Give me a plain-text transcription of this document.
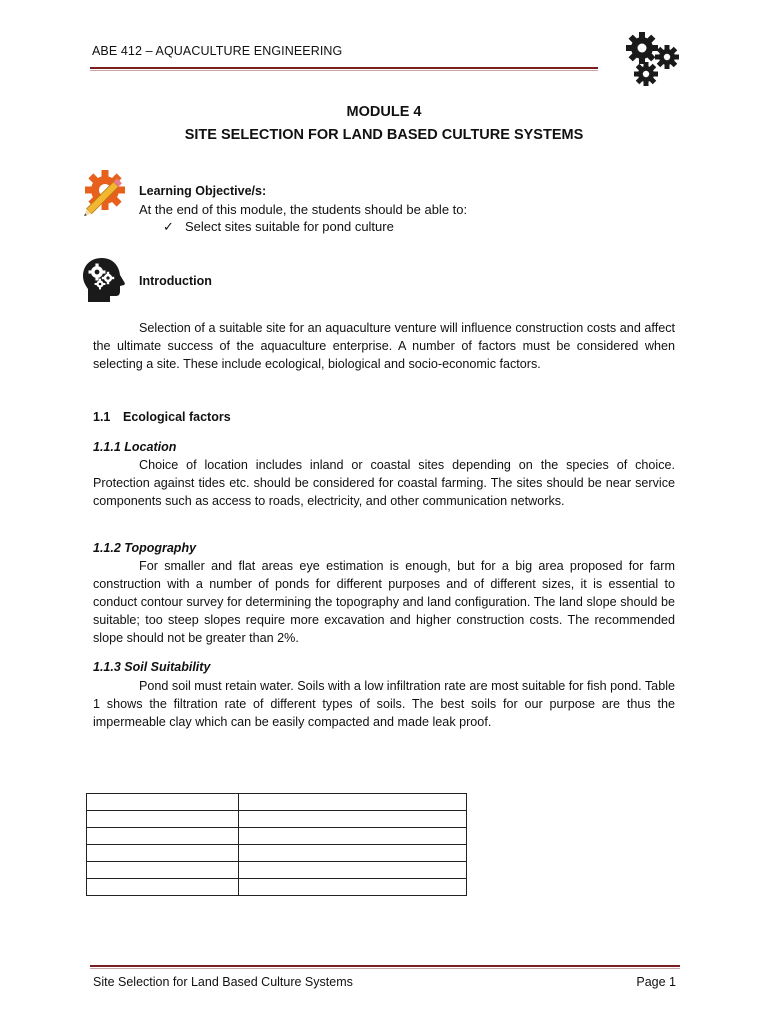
ABE 412 – AQUACULTURE ENGINEERING
MODULE 4
SITE SELECTION FOR LAND BASED CULTURE SYSTEMS
Learning Objective/s:
At the end of this module, the students should be able to:
✓ Select sites suitable for pond culture
Introduction
Selection of a suitable site for an aquaculture venture will influence construction costs and affect the ultimate success of the aquaculture enterprise. A number of factors must be considered when selecting a site. These include ecological, biological and socio-economic factors.
1.1 Ecological factors
1.1.1 Location
Choice of location includes inland or coastal sites depending on the species of choice. Protection against tides etc. should be considered for coastal farming. The sites should be near service components such as access to roads, electricity, and other communication networks.
1.1.2 Topography
For smaller and flat areas eye estimation is enough, but for a big area proposed for farm construction with a number of ponds for different purposes and of different sizes, it is essential to conduct contour survey for determining the topography and land configuration. The land slope should be suitable; too steep slopes require more excavation and higher construction costs. The recommended slope should not be greater than 2%.
1.1.3 Soil Suitability
Pond soil must retain water. Soils with a low infiltration rate are most suitable for fish pond. Table 1 shows the filtration rate of different types of soils. The best soils for our purpose are thus the impermeable clay which can be easily compacted and made leak proof.

Site Selection for Land Based Culture Systems	Page 1
